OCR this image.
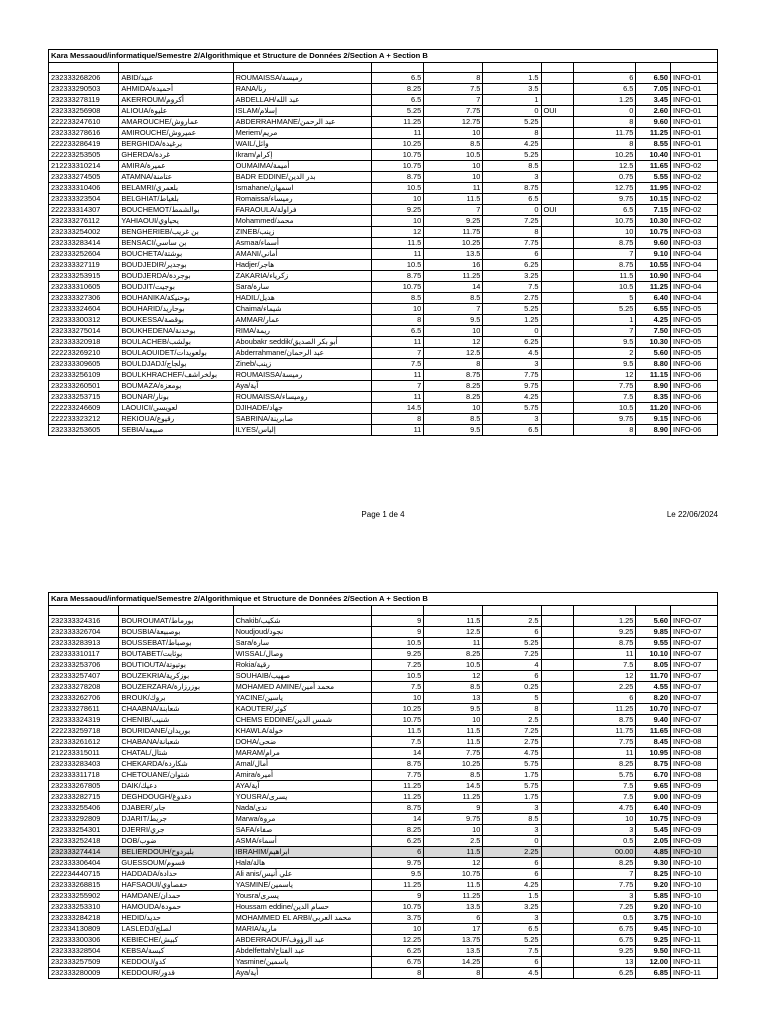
Kara Messaoud/informatique/Semestre 2/Algorithmique et Structure de Données 2/Section A + Section B									

232333268206	ABID/عبيد	ROUMAISSA/رميسة	6.5	8	1.5		6	6.50	INFO-01
232333290503	AHMIDA/أحميدة	RANA/رنا	8.25	7.5	3.5		6.5	7.05	INFO-01
232333278119	AKERROUM/أكروم	ABDELLAH/عبد الله	6.5	7	1		1.25	3.45	INFO-01
232333256908	ALIOUA/عليوة	ISLAM/إسلام	5.25	7.75	0	OUI	0	2.60	INFO-01
222233247610	AMAROUCHE/عماروش	ABDERRAHMANE/عبد الرحمن	11.25	12.75	5.25		8	9.60	INFO-01
232333278616	AMIROUCHE/عميروش	Meriem/مريم	11	10	8		11.75	11.25	INFO-01
222233286419	BERGHIDA/برغيدة	WAIL/وائل	10.25	8.5	4.25		8	8.55	INFO-01
222233253505	GHERDA/غردة	Ikram/إكرام	10.75	10.5	5.25		10.25	10.40	INFO-01
212233310214	AMIRA/عميرة	OUMAIMA/أميمة	10.75	10	8.5		12.5	11.65	INFO-02
232333274505	ATAMNA/عتامنة	BADR EDDINE/بدر الدين	8.75	10	3		0.75	5.55	INFO-02
232333310406	BELAMRI/بلعمري	Ismahane/اسمهان	10.5	11	8.75		12.75	11.95	INFO-02
232333323504	BELGHIAT/بلغياط	Romaissa/رميساء	10	11.5	6.5		9.75	10.15	INFO-02
222233314307	BOUCHEMOT/بوالشمط	FARAOULA/فراولة	9.25	7	0	OUI	6.5	7.15	INFO-02
232333276112	YAHIAOUI/يحياوي	Mohammed/محمد	10	9.25	7.25		10.75	10.30	INFO-02
232333254002	BENGHERIEB/بن غريب	ZINEB/زينب	12	11.75	8		10	10.75	INFO-03
232333283414	BENSACI/بن ساسي	Asmaa/أسماء	11.5	10.25	7.75		8.75	9.60	INFO-03
232333252604	BOUCHETA/بوشتة	AMANI/أماني	11	13.5	6		7	9.10	INFO-04
232333327119	BOUDJEDIR/بوجدير	Hadjer/هاجر	10.5	16	6.25		8.75	10.55	INFO-04
232333253915	BOUDJERDA/بوجردة	ZAKARIA/زكرياء	8.75	11.25	3.25		11.5	10.90	INFO-04
232333310605	BOUDJIT/بوجيت	Sara/سارة	10.75	14	7.5		10.5	11.25	INFO-04
232333327306	BOUHANIKA/بوحنيكة	HADIL/هديل	8.5	8.5	2.75		5	6.40	INFO-04
232333324604	BOUHARID/بوحاريد	Chaima/شيماء	10	7	5.25		5.25	6.55	INFO-05
232333300312	BOUKESSA/بوقصة	AMMAR/عمار	8	9.5	1.25		1	4.25	INFO-05
232333275014	BOUKHEDENA/بوخدنة	RIMA/ريمة	6.5	10	0		7	7.50	INFO-05
232333320918	BOULACHEB/بولشب	Aboubakr seddik/أبو بكر الصديق	11	12	6.25		9.5	10.30	INFO-05
222233269210	BOULAOUIDET/بولعويدات	Abderrahmane/عبد الرحمان	7	12.5	4.5		2	5.60	INFO-05
232333309605	BOULDJADJ/بولجاج	Zineb/زينب	7.5	8	3		9.5	8.80	INFO-06
232333256109	BOULKHRACHEF/بولخراشف	ROUMAISSA/رميسة	11	8.75	7.75		12	11.15	INFO-06
232333260501	BOUMAZA/بومعزة	Aya/آية	7	8.25	9.75		7.75	8.90	INFO-06
232333253715	BOUNAR/بونار	ROUMAISSA/روميساء	11	8.25	4.25		7.5	8.35	INFO-06
222233246609	LAOUICI/لعويسي	DJIHADE/جهاد	14.5	10	5.75		10.5	11.20	INFO-06
222233323212	REKIOUA/رقيوع	SABRINA/صابرينة	8	8.5	3		9.75	9.15	INFO-06
232333253605	SEBIA/صبيعة	ILYES/إلياس	11	9.5	6.5		8	8.90	INFO-06
Page 1 de 4	Le 22/06/2024
Kara Messaoud/informatique/Semestre 2/Algorithmique et Structure de Données 2/Section A + Section B									

232333324316	BOUROUMAT/بورماط	Chakib/شكيب	9	11.5	2.5		1.25	5.60	INFO-07
232333326704	BOUSBIA/بوصبيعة	Noudjoud/نجود	9	12.5	6		9.25	9.85	INFO-07
232333283913	BOUSSEBAT/بوصباط	Sara/سارة	10.5	11	5.25		8.75	9.55	INFO-07
232333310117	BOUTABET/بوثابت	WISSAL/وصال	9.25	8.25	7.25		11	10.10	INFO-07
232333253706	BOUTIOUTA/بوتيوتة	Rokia/رقية	7.25	10.5	4		7.5	8.05	INFO-07
232333257407	BOUZEKRIA/بوزكرية	SOUHAIB/صهيب	10.5	12	6		12	11.70	INFO-07
232333278208	BOUZERZARA/بوزرزارة	MOHAMED AMINE/محمد أمين	7.5	8.5	0.25		2.25	4.55	INFO-07
232333262706	BROUK/بروك	YACINE/ياسين	10	13	5		6	8.20	INFO-07
232333278611	CHAABNA/شعابنة	KAOUTER/كوثر	10.25	9.5	8		11.25	10.70	INFO-07
232333324319	CHENIB/شنيب	CHEMS EDDINE/شمس الدين	10.75	10	2.5		8.75	9.40	INFO-07
222233259718	BOURIDANE/بوريدان	KHAWLA/خولة	11.5	11.5	7.25		11.75	11.65	INFO-08
232333261612	CHABANA/شعبانة	DOHA/ضحى	7.5	11.5	2.75		7.75	8.45	INFO-08
212233315011	CHATAL/شتال	MARAM/مرام	14	7.75	4.75		11	10.95	INFO-08
232333283403	CHEKARDA/شكاردة	Amal/أمال	8.75	10.25	5.75		8.25	8.75	INFO-08
232333311718	CHETOUANE/شتوان	Amira/أميرة	7.75	8.5	1.75		5.75	6.70	INFO-08
232333267805	DAIK/دعيك	AYA/آية	11.25	14.5	5.75		7.5	9.65	INFO-09
232333282715	DEGHDOUGH/دغدوغ	YOUSRA/يسرى	11.25	11.25	1.75		7.5	9.00	INFO-09
232333255406	DJABER/جابر	Nada/ندى	8.75	9	3		4.75	6.40	INFO-09
232333292809	DJARIT/جريط	Marwa/مروة	14	9.75	8.5		10	10.75	INFO-09
232333254301	DJERRI/جري	SAFA/صفاء	8.25	10	3		3	5.45	INFO-09
232333252418	DOB/ضوب	ASMA/أسماء	6.25	2.5	0		0.5	2.05	INFO-09
232333274414	BELIERDOUH/بلبردوح	IBRAHIM/ابراهيم	6	11.5	2.25		00.00	4.85	INFO-10
232333306404	GUESSOUM/قسوم	Hala/هالة	9.75	12	6		8.25	9.30	INFO-10
222234440715	HADDADA/حدادة	Ali anis/علي أنيس	9.5	10.75	6		7	8.25	INFO-10
232333268815	HAFSAOUI/حفصاوي	YASMINE/ياسمين	11.25	11.5	4.25		7.75	9.20	INFO-10
232333255902	HAMDANE/حمدان	Yousra/يسرى	9	11.25	1.5		3	5.85	INFO-10
232333253310	HAMOUDA/حمودة	Houssam eddine/حسام الدين	10.75	13.5	3.25		7.25	9.20	INFO-10
232333284218	HEDID/حديد	MOHAMMED EL ARBI/محمد العربي	3.75	6	3		0.5	3.75	INFO-10
232334130809	LASLEDJ/لصلج	MARIA/مارية	10	17	6.5		6.75	9.45	INFO-10
232333300306	KEBIECHE/كبيش	ABDERRAOUF/عبد الرؤوف	12.25	13.75	5.25		6.75	9.25	INFO-11
232333328504	KEBSA/كبسة	Abdelfettah/عبد الفتاح	6.25	13.5	7.5		9.25	9.50	INFO-11
232333257509	KEDDOU/كدو	Yasmine/ياسمين	6.75	14.25	6		13	12.00	INFO-11
232333280009	KEDDOUR/قدور	Aya/أية	8	8	4.5		6.25	6.85	INFO-11
